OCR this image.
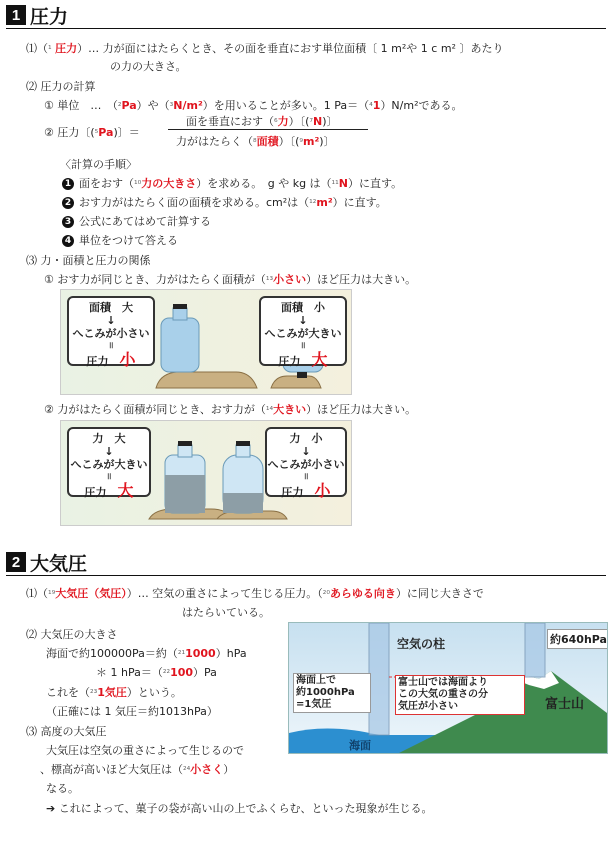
1 圧力
⑴（¹ 圧力）… 力が面にはたらくとき、その面を垂直におす単位面積〔 1 m²や 1 c m² 〕あたり
の力の大きさ。
⑵ 圧力の計算
① 単位　…　（²Pa）や（³N/m²）を用いることが多い。1 Pa＝（⁴1）N/m²である。
② 圧力〔(⁵Pa)〕＝
面を垂直におす（⁶力）〔(⁷N)〕
力がはたらく（⁸面積）〔(⁹m²)〕
〈計算の手順〉
1 面をおす（¹⁰力の大きさ）を求める。　g や kg は（¹¹N）に直す。
2 おす力がはたらく面の面積を求める。cm²は（¹²m²）に直す。
3 公式にあてはめて計算する
4 単位をつけて答える
⑶ 力・面積と圧力の関係
① おす力が同じとき、力がはたらく面積が（¹³小さい）ほど圧力は大きい。
面積　大
↓
へこみが小さい
॥
圧力　 小
面積　小
↓
へこみが大きい
॥
圧力　 大
② 力がはたらく面積が同じとき、おす力が（¹⁴大きい）ほど圧力は大きい。
力　大
↓
へこみが大きい
॥
圧力　 大
力　小
↓
へこみが小さい
॥
圧力　 小
2 大気圧
⑴（¹⁹大気圧（気圧））… 空気の重さによって生じる圧力。（²⁰あらゆる向き）に同じ大きさで
はたらいている。
⑵ 大気圧の大きさ
海面で約100000Pa＝約（²¹1000）hPa
＊ 1 hPa＝（²²100）Pa
これを（²³1気圧）という。
（正確には 1 気圧＝約1013hPa）
⑶ 高度の大気圧
大気圧は空気の重さによって生じるので
、標高が高いほど大気圧は（²⁴小さく）
なる。
➔ これによって、菓子の袋が高い山の上でふくらむ、といった現象が生じる。
空気の柱	約640hPa
富士山
海面上で
約1000hPa
=1気圧
富士山では海面より
この大気の重さの分
気圧が小さい
海面
